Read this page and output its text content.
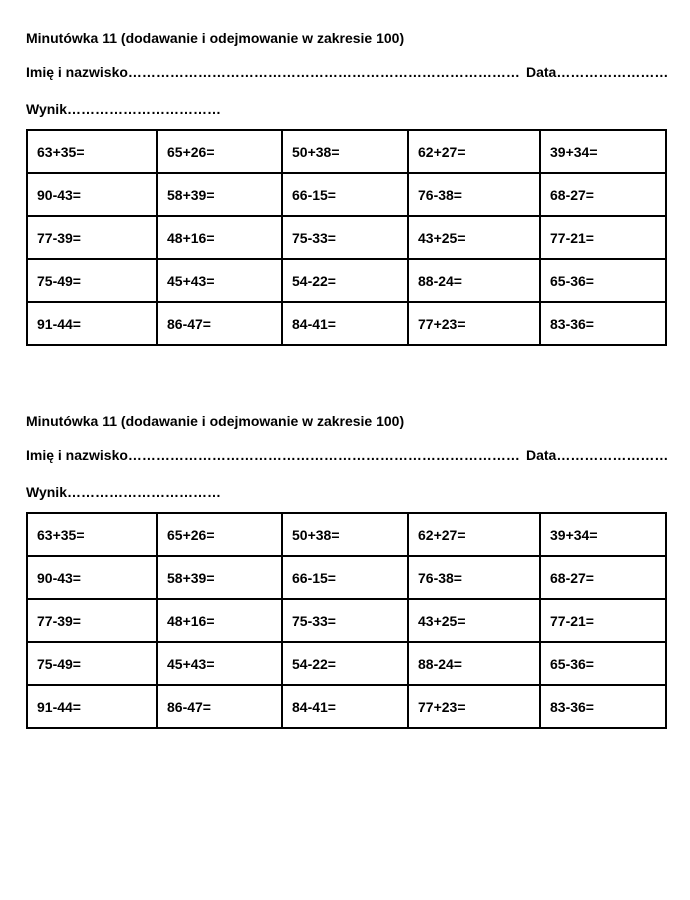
Minutówka 11 (dodawanie i odejmowanie w zakresie 100)
Imię i nazwisko………………………………………………………………………… Data……………………
Wynik……………………………
63+35=	65+26=	50+38=	62+27=	39+34=
90-43=	58+39=	66-15=	76-38=	68-27=
77-39=	48+16=	75-33=	43+25=	77-21=
75-49=	45+43=	54-22=	88-24=	65-36=
91-44=	86-47=	84-41=	77+23=	83-36=
Minutówka 11 (dodawanie i odejmowanie w zakresie 100)
Imię i nazwisko………………………………………………………………………… Data……………………
Wynik……………………………
63+35=	65+26=	50+38=	62+27=	39+34=
90-43=	58+39=	66-15=	76-38=	68-27=
77-39=	48+16=	75-33=	43+25=	77-21=
75-49=	45+43=	54-22=	88-24=	65-36=
91-44=	86-47=	84-41=	77+23=	83-36=
